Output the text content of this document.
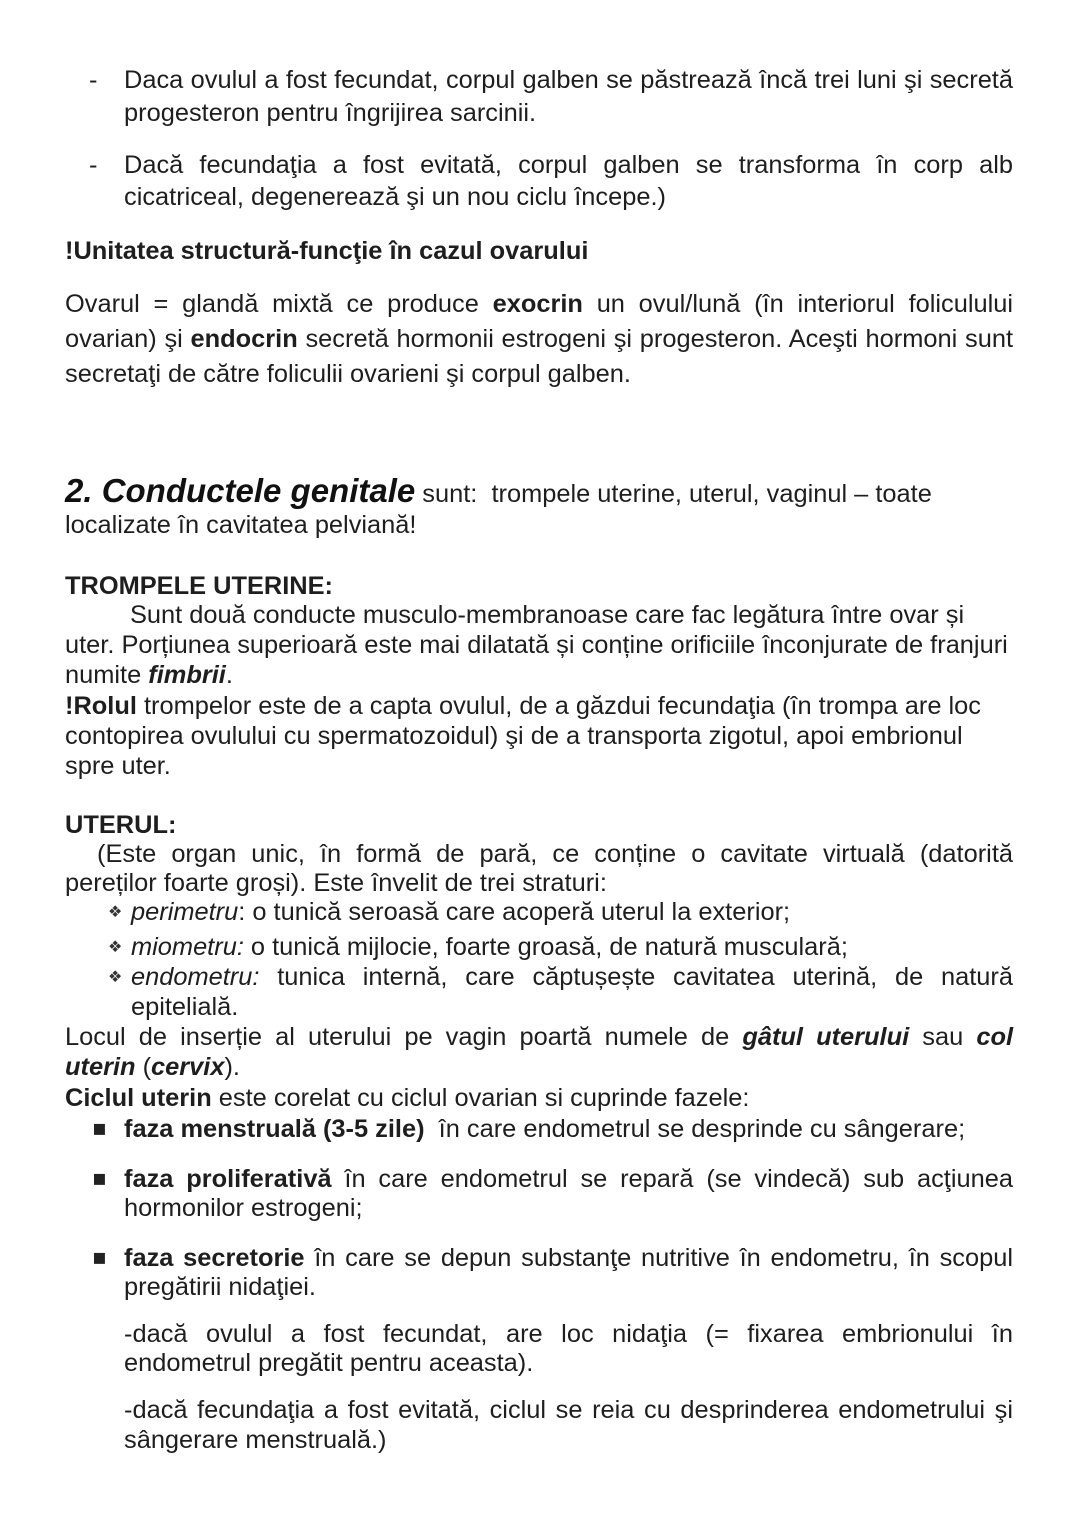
- Daca ovulul a fost fecundat, corpul galben se păstrează încă trei luni şi secretă
progesteron pentru îngrijirea sarcinii.
- Dacă fecundaţia a fost evitată, corpul galben se transforma în corp alb
cicatriceal, degenerează şi un nou ciclu începe.)
!Unitatea structură-funcţie în cazul ovarului
Ovarul = glandă mixtă ce produce exocrin un ovul/lună (în interiorul foliculului
ovarian) şi endocrin secretă hormonii estrogeni şi progesteron. Aceşti hormoni sunt
secretaţi de către foliculii ovarieni şi corpul galben.
2. Conductele genitale sunt:  trompele uterine, uterul, vaginul – toate
localizate în cavitatea pelviană!
TROMPELE UTERINE:
Sunt două conducte musculo-membranoase care fac legătura între ovar și
uter. Porțiunea superioară este mai dilatată și conține orificiile înconjurate de franjuri
numite fimbrii.
!Rolul trompelor este de a capta ovulul, de a găzdui fecundaţia (în trompa are loc
contopirea ovulului cu spermatozoidul) şi de a transporta zigotul, apoi embrionul
spre uter.
UTERUL:
(Este organ unic, în formă de pară, ce conține o cavitate virtuală (datorită
pereților foarte groși). Este învelit de trei straturi:
❖ perimetru: o tunică seroasă care acoperă uterul la exterior;
❖ miometru: o tunică mijlocie, foarte groasă, de natură musculară;
❖ endometru: tunica internă, care căptușește cavitatea uterină, de natură
epitelială.
Locul de inserție al uterului pe vagin poartă numele de gâtul uterului sau col
uterin (cervix).
Ciclul uterin este corelat cu ciclul ovarian si cuprinde fazele:
▪ faza menstruală (3-5 zile)  în care endometrul se desprinde cu sângerare;
▪ faza proliferativă în care endometrul se repară (se vindecă) sub acţiunea
hormonilor estrogeni;
▪ faza secretorie în care se depun substanţe nutritive în endometru, în scopul
pregătirii nidaţiei.
-dacă ovulul a fost fecundat, are loc nidaţia (= fixarea embrionului în
endometrul pregătit pentru aceasta).
-dacă fecundaţia a fost evitată, ciclul se reia cu desprinderea endometrului şi
sângerare menstruală.)
